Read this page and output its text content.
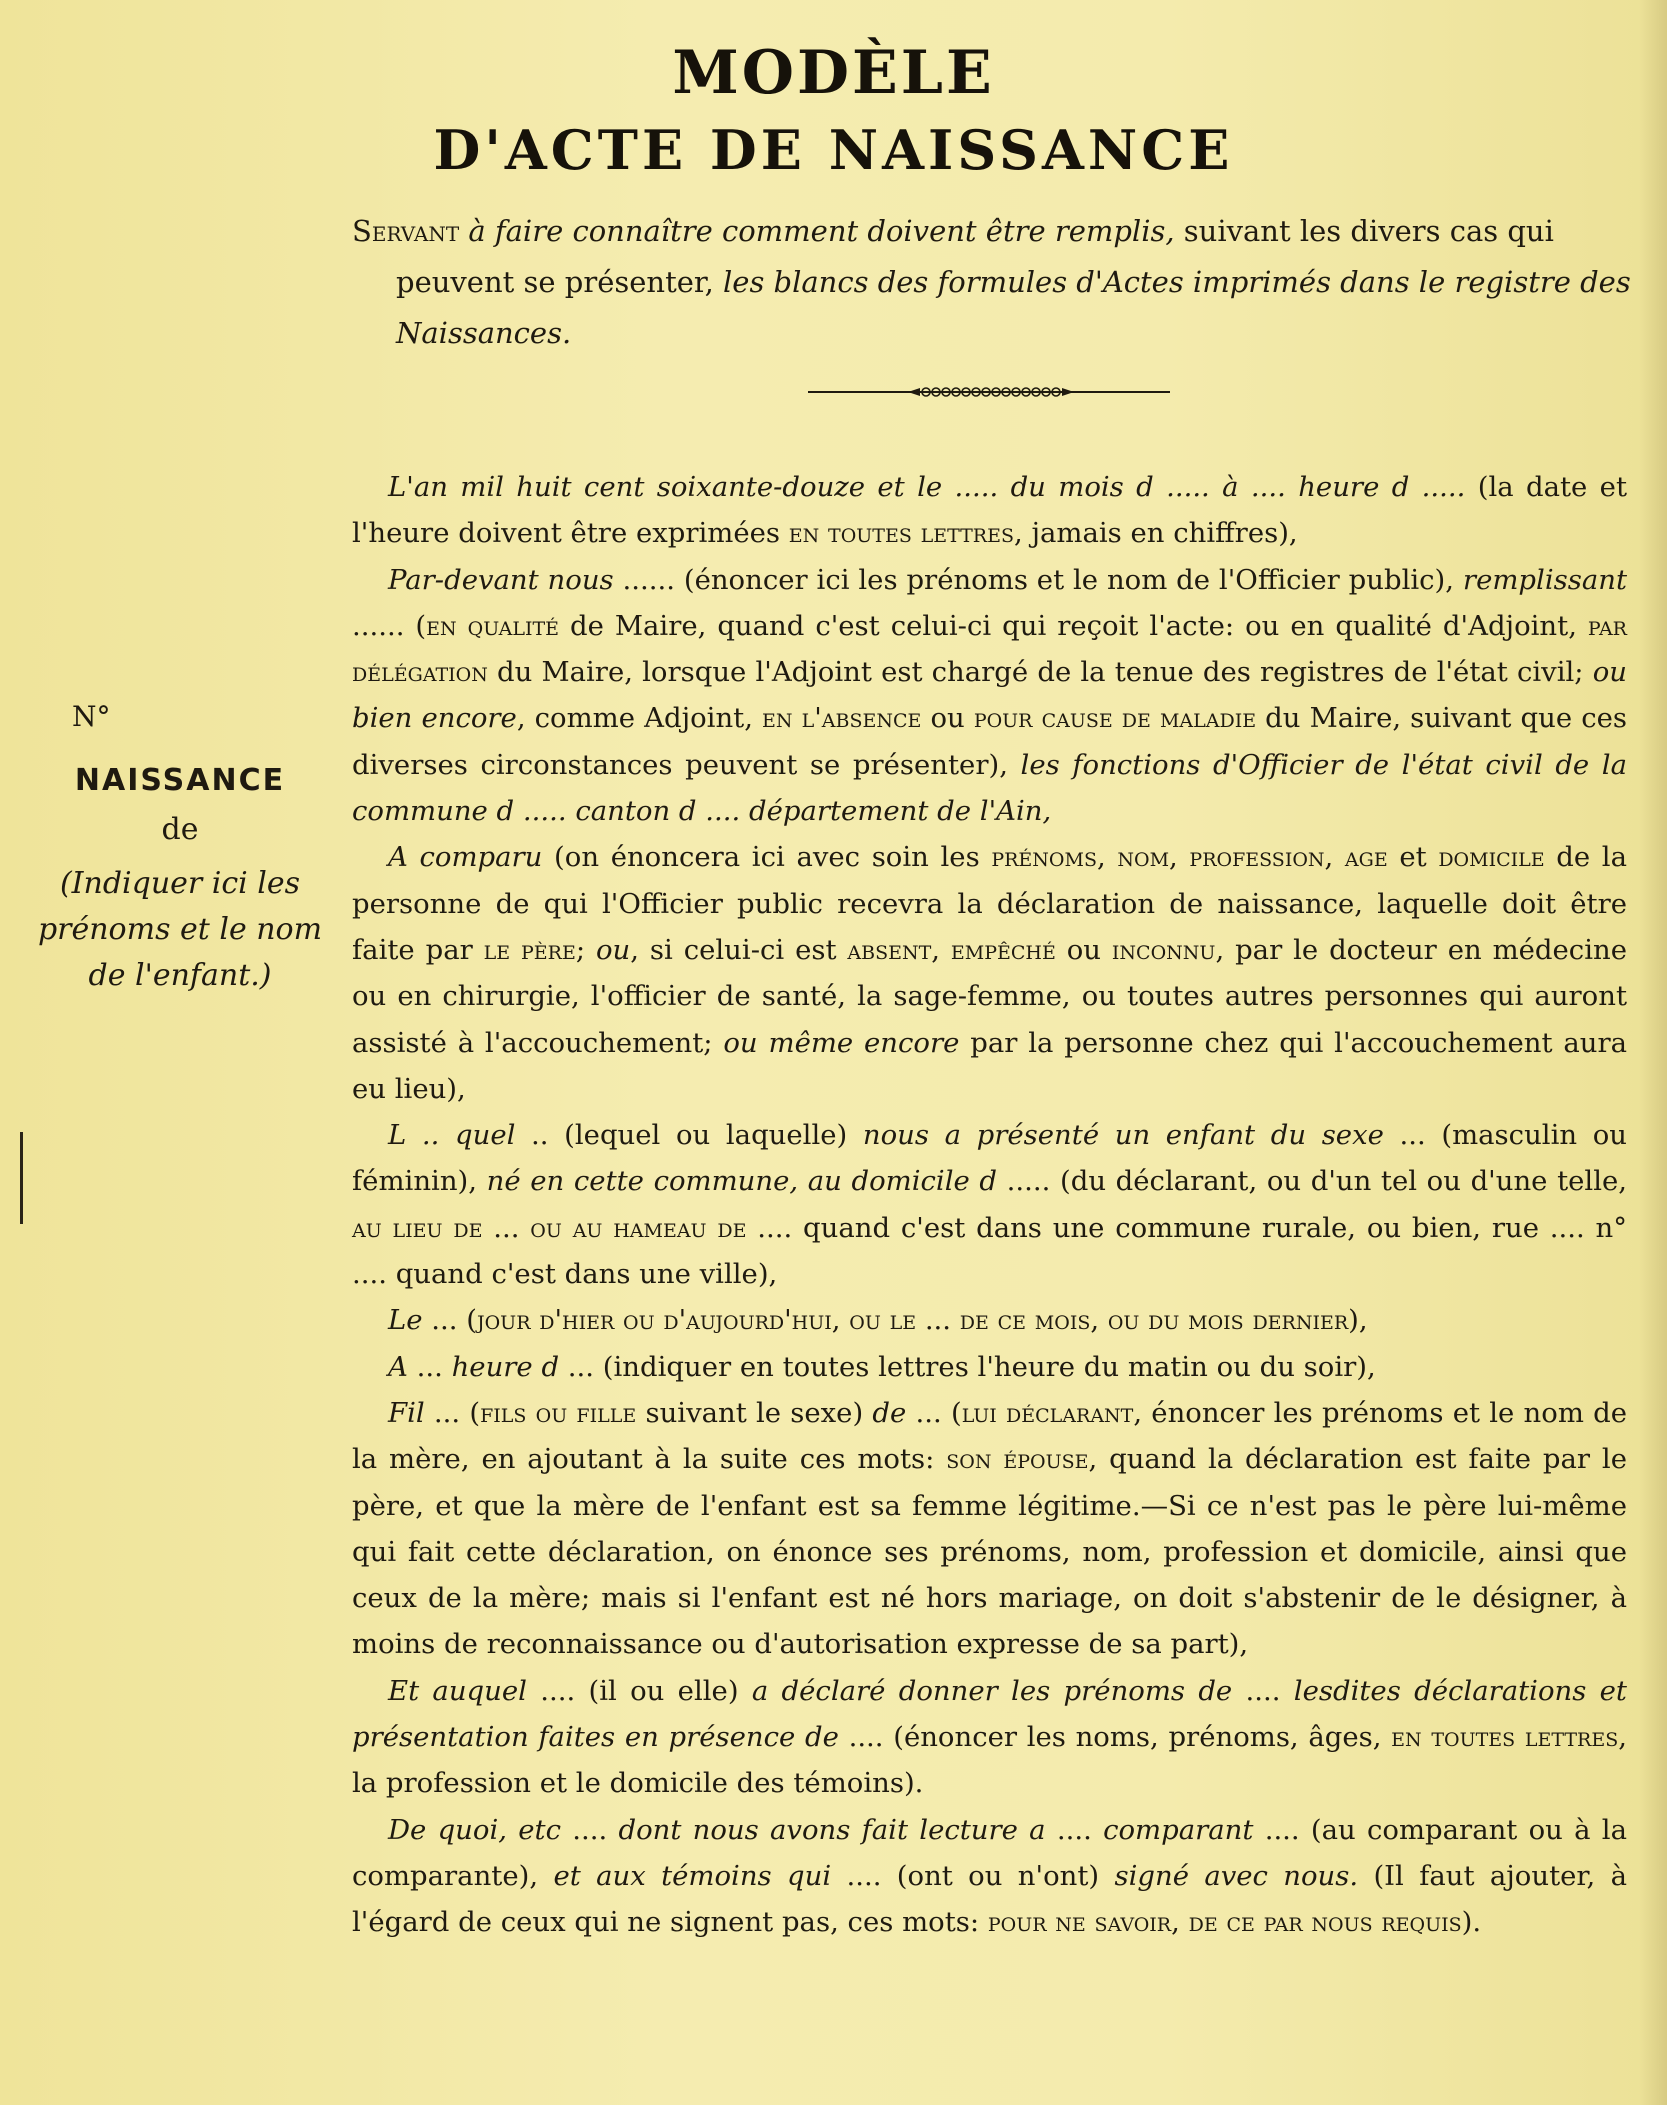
MODÈLE
D'ACTE DE NAISSANCE
Servant à faire connaître comment doivent être remplis, suivant les divers cas qui peuvent se présenter, les blancs des formules d'Actes imprimés dans le registre des Naissances.
N°
NAISSANCE
de
(Indiquer ici les prénoms et le nom de l'enfant.)

L'an mil huit cent soixante-douze et le ..... du mois d ..... à .... heure d ..... (la date et l'heure doivent être exprimées en toutes lettres, jamais en chiffres),

Par-devant nous ...... (énoncer ici les prénoms et le nom de l'Officier public), remplissant ...... (en qualité de Maire, quand c'est celui-ci qui reçoit l'acte: ou en qualité d'Adjoint, par délégation du Maire, lorsque l'Adjoint est chargé de la tenue des registres de l'état civil; ou bien encore, comme Adjoint, en l'absence ou pour cause de maladie du Maire, suivant que ces diverses circonstances peuvent se présenter), les fonctions d'Officier de l'état civil de la commune d ..... canton d .... département de l'Ain,

A comparu (on énoncera ici avec soin les prénoms, nom, profession, age et domicile de la personne de qui l'Officier public recevra la déclaration de naissance, laquelle doit être faite par le père; ou, si celui-ci est absent, empêché ou inconnu, par le docteur en médecine ou en chirurgie, l'officier de santé, la sage-femme, ou toutes autres personnes qui auront assisté à l'accouchement; ou même encore par la personne chez qui l'accouchement aura eu lieu),

L .. quel .. (lequel ou laquelle) nous a présenté un enfant du sexe ... (masculin ou féminin), né en cette commune, au domicile d ..... (du déclarant, ou d'un tel ou d'une telle, au lieu de ... ou au hameau de .... quand c'est dans une commune rurale, ou bien, rue .... n° .... quand c'est dans une ville),

Le ... (jour d'hier ou d'aujourd'hui, ou le ... de ce mois, ou du mois dernier),

A ... heure d ... (indiquer en toutes lettres l'heure du matin ou du soir),

Fil ... (fils ou fille suivant le sexe) de ... (lui déclarant, énoncer les prénoms et le nom de la mère, en ajoutant à la suite ces mots: son épouse, quand la déclaration est faite par le père, et que la mère de l'enfant est sa femme légitime.—Si ce n'est pas le père lui-même qui fait cette déclaration, on énonce ses prénoms, nom, profession et domicile, ainsi que ceux de la mère; mais si l'enfant est né hors mariage, on doit s'abstenir de le désigner, à moins de reconnaissance ou d'autorisation expresse de sa part),

Et auquel .... (il ou elle) a déclaré donner les prénoms de .... lesdites déclarations et présentation faites en présence de .... (énoncer les noms, prénoms, âges, en toutes lettres, la profession et le domicile des témoins).

De quoi, etc .... dont nous avons fait lecture a .... comparant .... (au comparant ou à la comparante), et aux témoins qui .... (ont ou n'ont) signé avec nous. (Il faut ajouter, à l'égard de ceux qui ne signent pas, ces mots: pour ne savoir, de ce par nous requis).
